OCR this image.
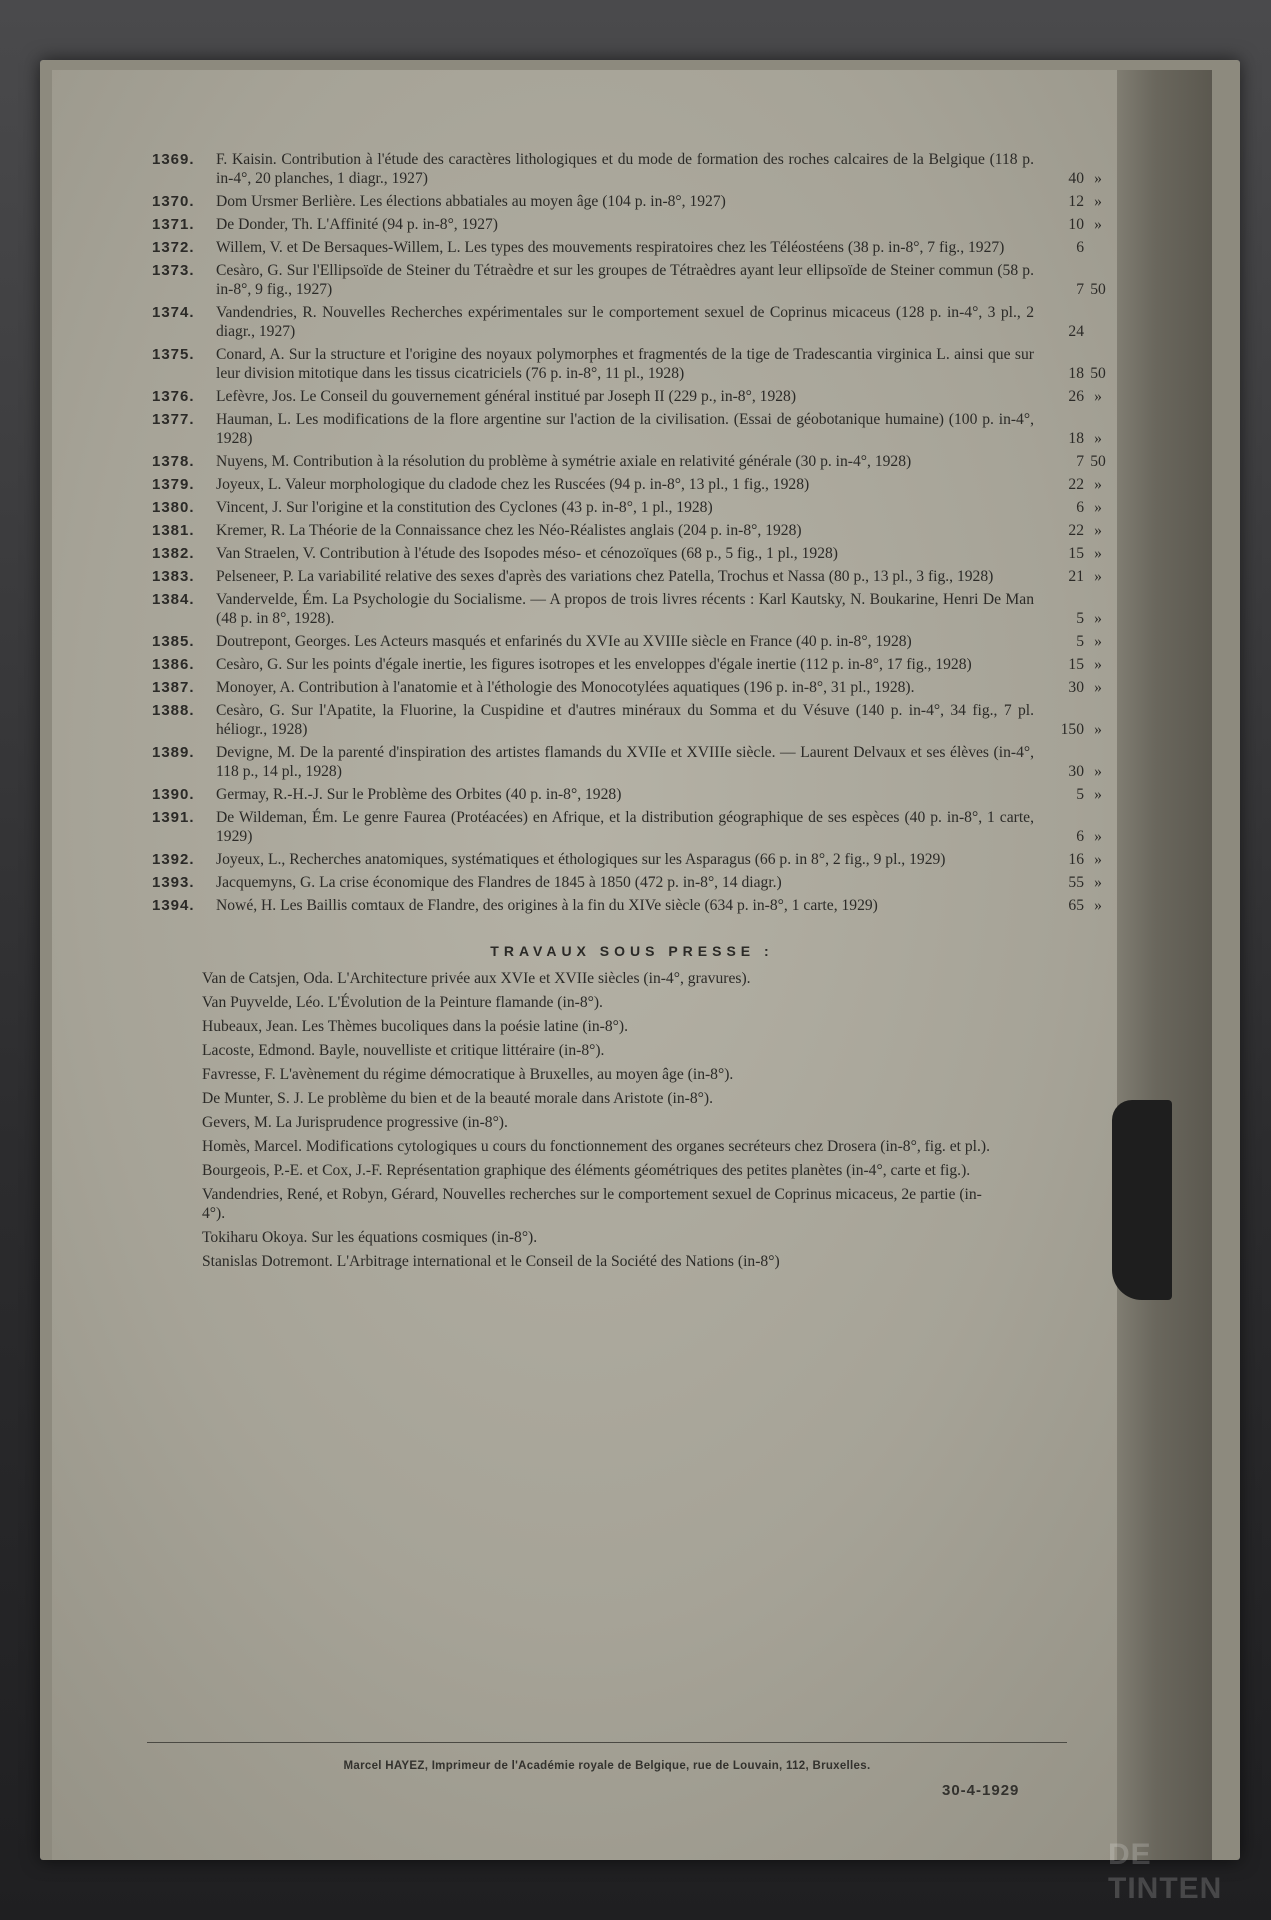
1369.	F. Kaisin. Contribution à l'étude des caractères lithologiques et du mode de formation des roches calcaires de la Belgique (118 p. in-4°, 20 planches, 1 diagr., 1927)	40 »
1370.	Dom Ursmer Berlière. Les élections abbatiales au moyen âge (104 p. in-8°, 1927)	12 »
1371.	De Donder, Th. L'Affinité (94 p. in-8°, 1927)	10 »
1372.	Willem, V. et De Bersaques-Willem, L. Les types des mouvements respiratoires chez les Téléostéens (38 p. in-8°, 7 fig., 1927)	6
1373.	Cesàro, G. Sur l'Ellipsoïde de Steiner du Tétraèdre et sur les groupes de Tétraèdres ayant leur ellipsoïde de Steiner commun (58 p. in-8°, 9 fig., 1927)	7 50
1374.	Vandendries, R. Nouvelles Recherches expérimentales sur le comportement sexuel de Coprinus micaceus (128 p. in-4°, 3 pl., 2 diagr., 1927)	24
1375.	Conard, A. Sur la structure et l'origine des noyaux polymorphes et fragmentés de la tige de Tradescantia virginica L. ainsi que sur leur division mitotique dans les tissus cicatriciels (76 p. in-8°, 11 pl., 1928)	18 50
1376.	Lefèvre, Jos. Le Conseil du gouvernement général institué par Joseph II (229 p., in-8°, 1928)	26 »
1377.	Hauman, L. Les modifications de la flore argentine sur l'action de la civilisation. (Essai de géobotanique humaine) (100 p. in-4°, 1928)	18 »
1378.	Nuyens, M. Contribution à la résolution du problème à symétrie axiale en relativité générale (30 p. in-4°, 1928)	7 50
1379.	Joyeux, L. Valeur morphologique du cladode chez les Ruscées (94 p. in-8°, 13 pl., 1 fig., 1928)	22 »
1380.	Vincent, J. Sur l'origine et la constitution des Cyclones (43 p. in-8°, 1 pl., 1928)	6 »
1381.	Kremer, R. La Théorie de la Connaissance chez les Néo-Réalistes anglais (204 p. in-8°, 1928)	22 »
1382.	Van Straelen, V. Contribution à l'étude des Isopodes méso- et cénozoïques (68 p., 5 fig., 1 pl., 1928)	15 »
1383.	Pelseneer, P. La variabilité relative des sexes d'après des variations chez Patella, Trochus et Nassa (80 p., 13 pl., 3 fig., 1928)	21 »
1384.	Vandervelde, Ém. La Psychologie du Socialisme. — A propos de trois livres récents : Karl Kautsky, N. Boukarine, Henri De Man (48 p. in 8°, 1928).	5 »
1385.	Doutrepont, Georges. Les Acteurs masqués et enfarinés du XVIe au XVIIIe siècle en France (40 p. in-8°, 1928)	5 »
1386.	Cesàro, G. Sur les points d'égale inertie, les figures isotropes et les enveloppes d'égale inertie (112 p. in-8°, 17 fig., 1928)	15 »
1387.	Monoyer, A. Contribution à l'anatomie et à l'éthologie des Monocotylées aquatiques (196 p. in-8°, 31 pl., 1928).	30 »
1388.	Cesàro, G. Sur l'Apatite, la Fluorine, la Cuspidine et d'autres minéraux du Somma et du Vésuve (140 p. in-4°, 34 fig., 7 pl. héliogr., 1928)	150 »
1389.	Devigne, M. De la parenté d'inspiration des artistes flamands du XVIIe et XVIIIe siècle. — Laurent Delvaux et ses élèves (in-4°, 118 p., 14 pl., 1928)	30 »
1390.	Germay, R.-H.-J. Sur le Problème des Orbites (40 p. in-8°, 1928)	5 »
1391.	De Wildeman, Ém. Le genre Faurea (Protéacées) en Afrique, et la distribution géographique de ses espèces (40 p. in-8°, 1 carte, 1929)	6 »
1392.	Joyeux, L., Recherches anatomiques, systématiques et éthologiques sur les Asparagus (66 p. in 8°, 2 fig., 9 pl., 1929)	16 »
1393.	Jacquemyns, G. La crise économique des Flandres de 1845 à 1850 (472 p. in-8°, 14 diagr.)	55 »
1394.	Nowé, H. Les Baillis comtaux de Flandre, des origines à la fin du XIVe siècle (634 p. in-8°, 1 carte, 1929)	65 »
TRAVAUX SOUS PRESSE :
Van de Catsjen, Oda. L'Architecture privée aux XVIe et XVIIe siècles (in-4°, gravures).
Van Puyvelde, Léo. L'Évolution de la Peinture flamande (in-8°).
Hubeaux, Jean. Les Thèmes bucoliques dans la poésie latine (in-8°).
Lacoste, Edmond. Bayle, nouvelliste et critique littéraire (in-8°).
Favresse, F. L'avènement du régime démocratique à Bruxelles, au moyen âge (in-8°).
De Munter, S. J. Le problème du bien et de la beauté morale dans Aristote (in-8°).
Gevers, M. La Jurisprudence progressive (in-8°).
Homès, Marcel. Modifications cytologiques u cours du fonctionnement des organes secréteurs chez Drosera (in-8°, fig. et pl.).
Bourgeois, P.-E. et Cox, J.-F. Représentation graphique des éléments géométriques des petites planètes (in-4°, carte et fig.).
Vandendries, René, et Robyn, Gérard, Nouvelles recherches sur le comportement sexuel de Coprinus micaceus, 2e partie (in-4°).
Tokiharu Okoya. Sur les équations cosmiques (in-8°).
Stanislas Dotremont. L'Arbitrage international et le Conseil de la Société des Nations (in-8°)
Marcel HAYEZ, Imprimeur de l'Académie royale de Belgique, rue de Louvain, 112, Bruxelles.
30-4-1929
DE TINTEN
